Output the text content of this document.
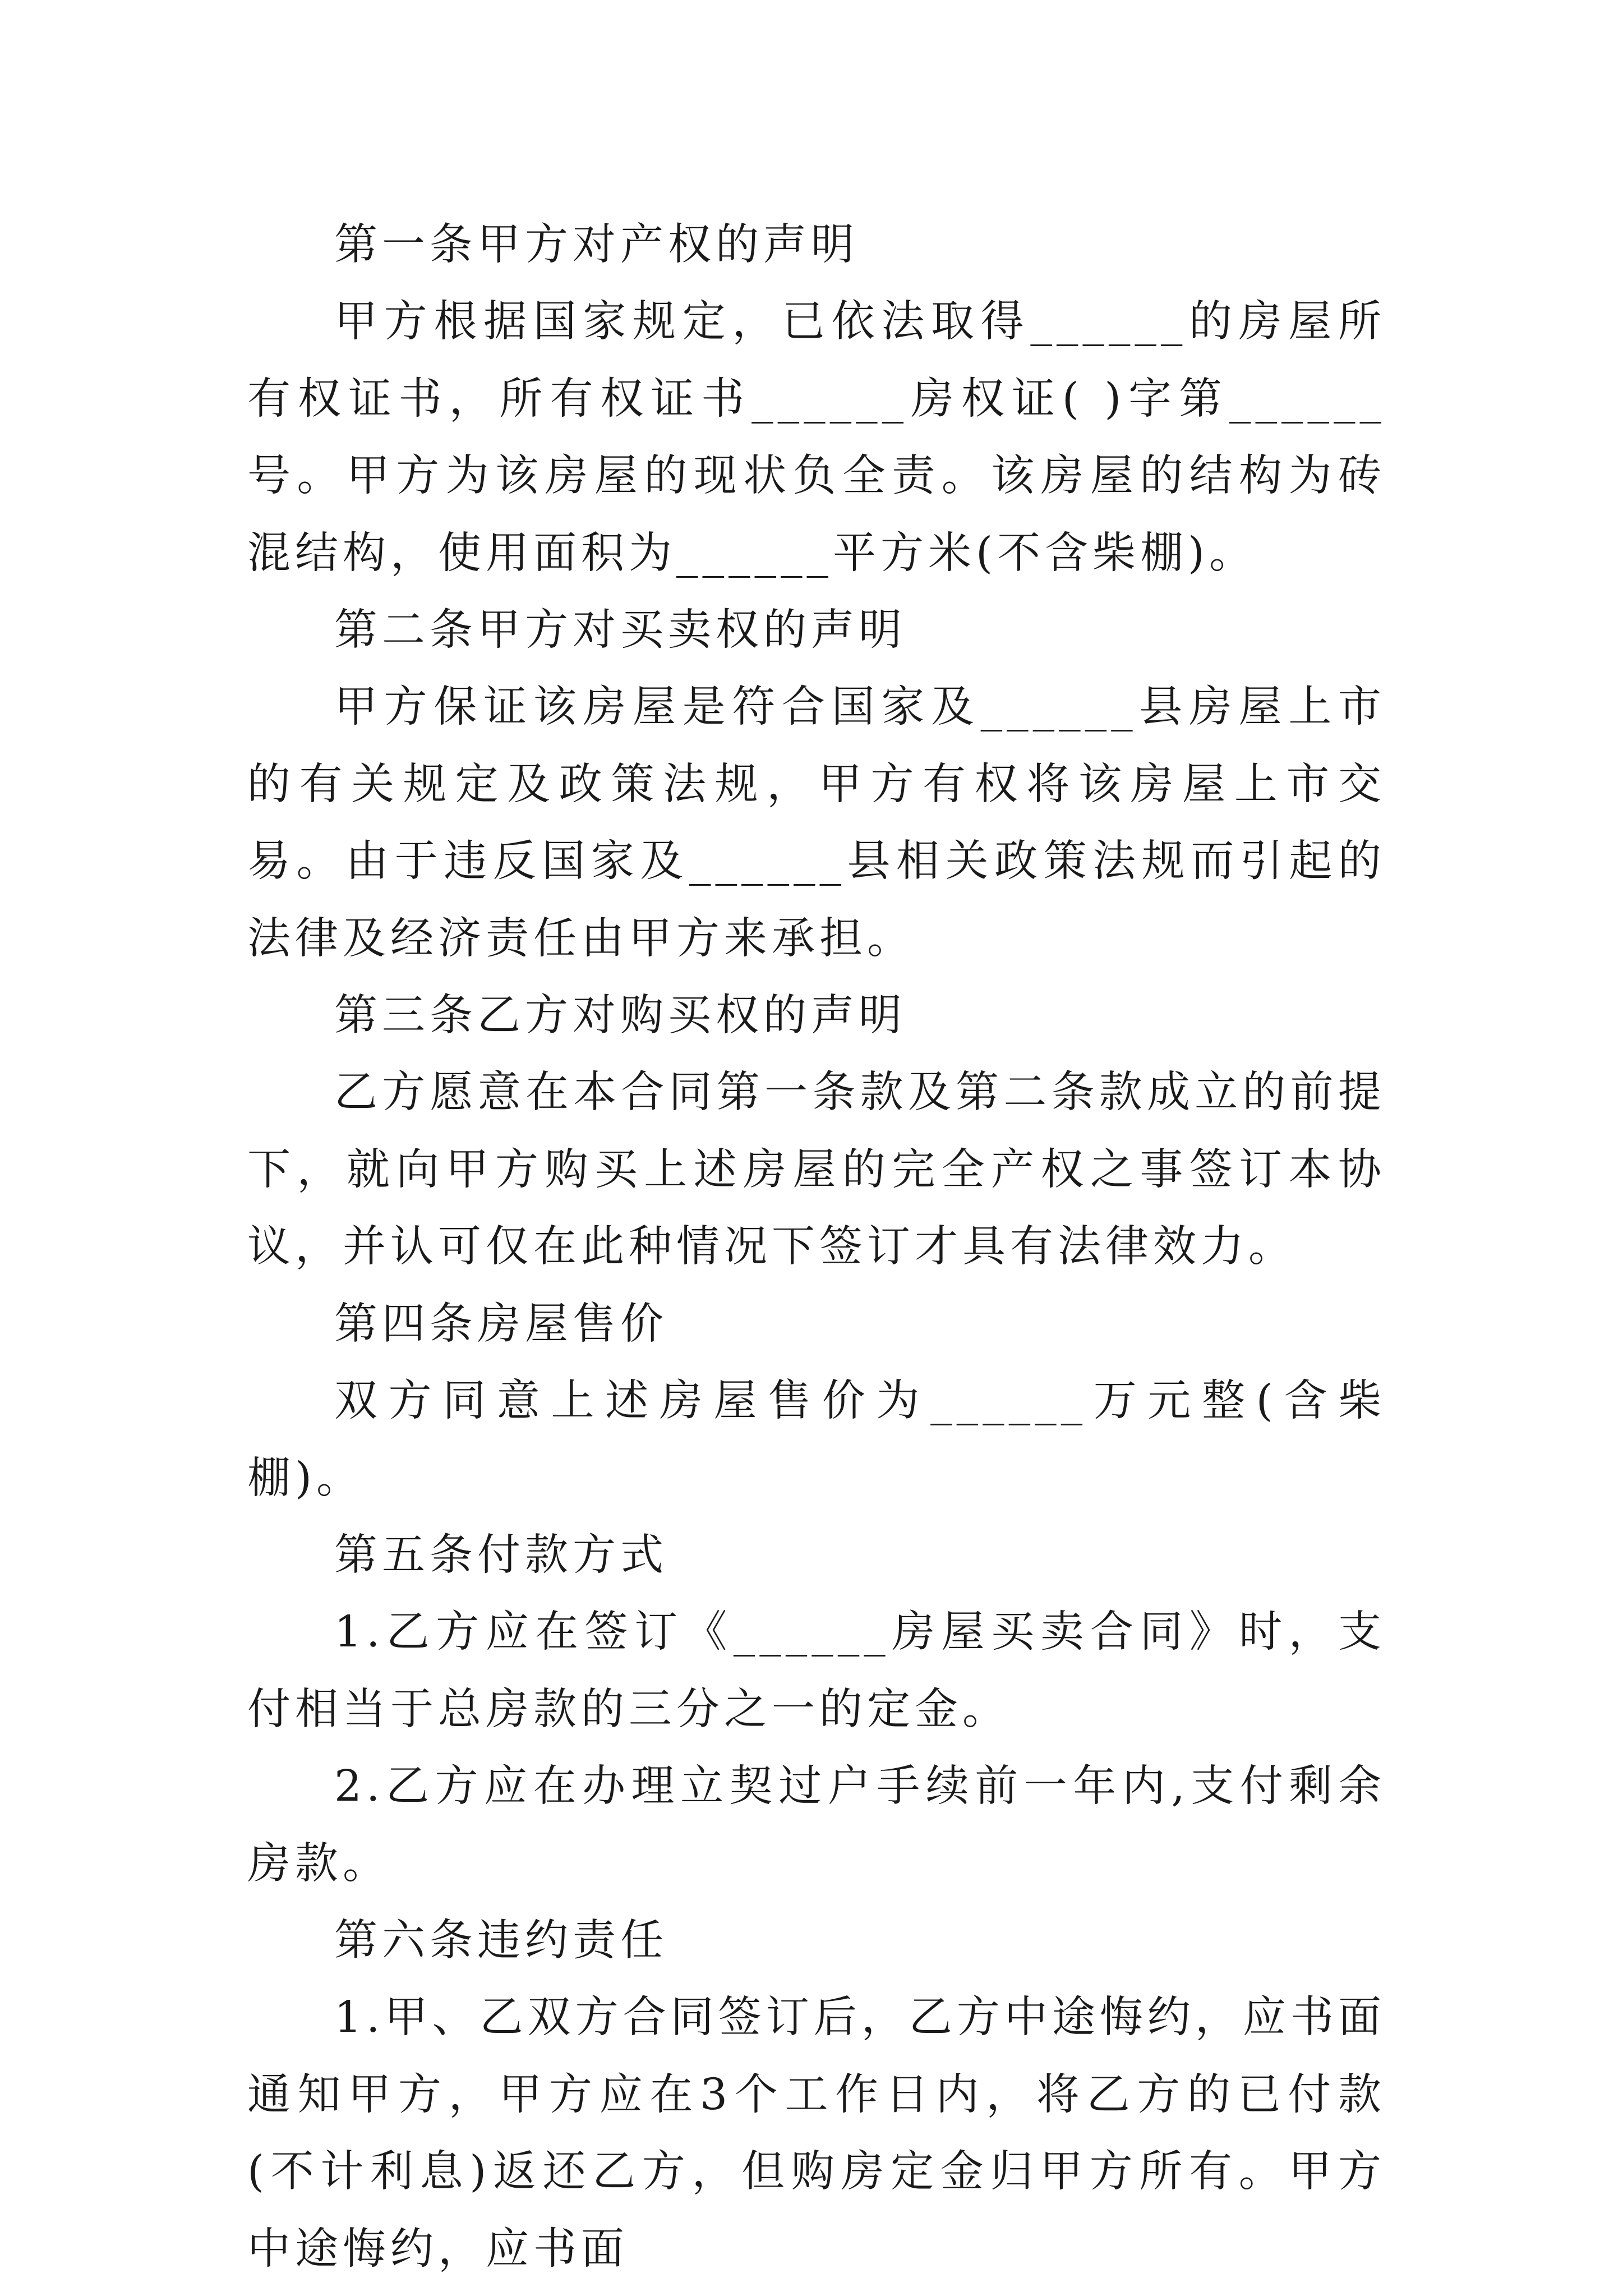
第一条甲方对产权的声明

甲方根据国家规定，已依法取得______的房屋所有权证书，所有权证书______房权证( )字第______号。甲方为该房屋的现状负全责。该房屋的结构为砖混结构，使用面积为______平方米(不含柴棚)。

第二条甲方对买卖权的声明

甲方保证该房屋是符合国家及______县房屋上市的有关规定及政策法规，甲方有权将该房屋上市交易。由于违反国家及______县相关政策法规而引起的法律及经济责任由甲方来承担。

第三条乙方对购买权的声明

乙方愿意在本合同第一条款及第二条款成立的前提下，就向甲方购买上述房屋的完全产权之事签订本协议，并认可仅在此种情况下签订才具有法律效力。

第四条房屋售价

双方同意上述房屋售价为______万元整(含柴棚)。

第五条付款方式

1.乙方应在签订《______房屋买卖合同》时，支付相当于总房款的三分之一的定金。

2.乙方应在办理立契过户手续前一年内,支付剩余房款。

第六条违约责任

1.甲、乙双方合同签订后，乙方中途悔约，应书面通知甲方，甲方应在3个工作日内，将乙方的已付款(不计利息)返还乙方，但购房定金归甲方所有。甲方中途悔约，应书面
